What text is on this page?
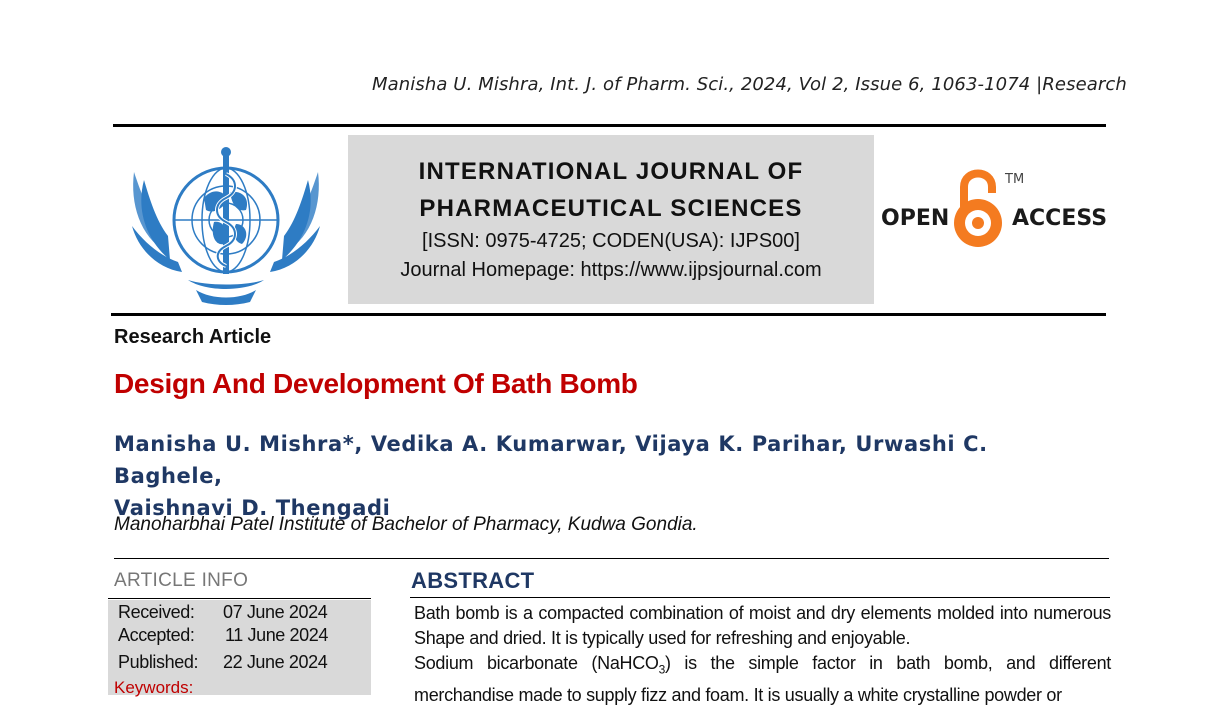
Manisha U. Mishra, Int. J. of Pharm. Sci., 2024, Vol 2, Issue 6, 1063-1074 |Research
INTERNATIONAL JOURNAL OF
PHARMACEUTICAL SCIENCES
[ISSN: 0975-4725; CODEN(USA): IJPS00]
Journal Homepage: https://www.ijpsjournal.com
OPEN
TM
ACCESS
Research Article
Design And Development Of Bath Bomb
Manisha U. Mishra*, Vedika A. Kumarwar, Vijaya K. Parihar, Urwashi C. Baghele,
Vaishnavi D. Thengadi
Manoharbhai Patel Institute of Bachelor of Pharmacy, Kudwa Gondia.
ARTICLE INFO
Received: 07 June 2024
Accepted: 11 June 2024
Published: 22 June 2024
Keywords:
ABSTRACT

Bath bomb is a compacted combination of moist and dry elements molded into numerous Shape and dried. It is typically used for refreshing and enjoyable.

Sodium bicarbonate (NaHCO$_3$) is the simple factor in bath bomb, and different merchandise made to supply fizz and foam. It is usually a white crystalline powder or
